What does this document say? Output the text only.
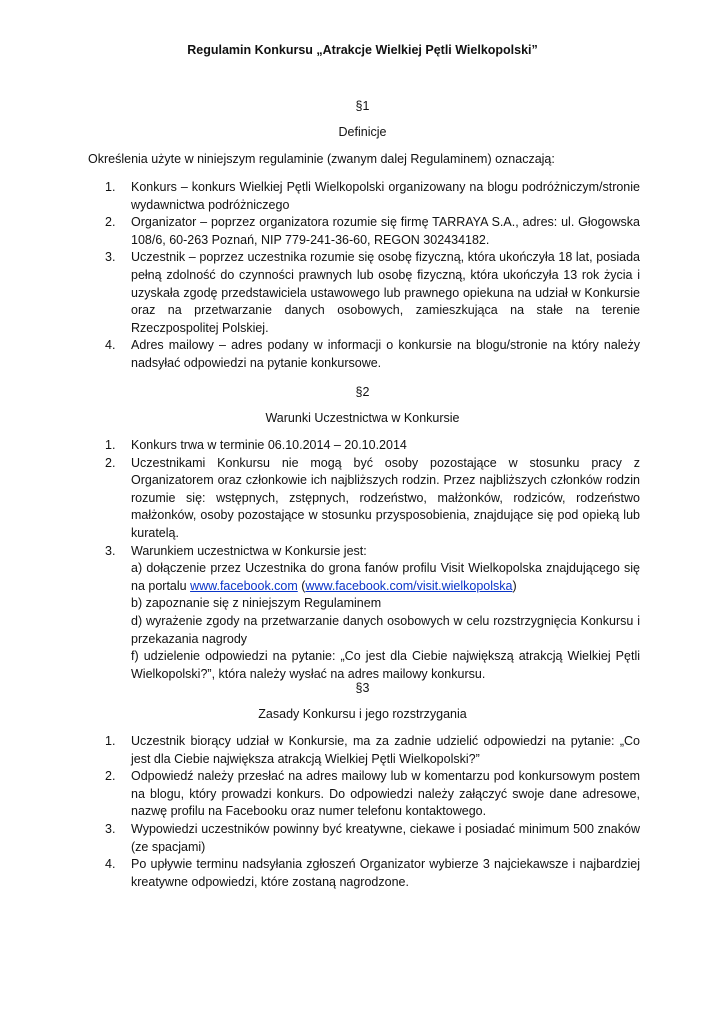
Regulamin Konkursu „Atrakcje Wielkiej Pętli Wielkopolski”
§1
Definicje
Określenia użyte w niniejszym regulaminie (zwanym dalej Regulaminem) oznaczają:
1. Konkurs – konkurs Wielkiej Pętli Wielkopolski organizowany na blogu podróżniczym/stronie wydawnictwa podróżniczego
2. Organizator – poprzez organizatora rozumie się firmę TARRAYA S.A., adres: ul. Głogowska 108/6, 60-263 Poznań, NIP 779-241-36-60, REGON 302434182.
3. Uczestnik – poprzez uczestnika rozumie się osobę fizyczną, która ukończyła 18 lat, posiada pełną zdolność do czynności prawnych lub osobę fizyczną, która ukończyła 13 rok życia i uzyskała zgodę przedstawiciela ustawowego lub prawnego opiekuna na udział w Konkursie oraz na przetwarzanie danych osobowych, zamieszkująca na stałe na terenie Rzeczpospolitej Polskiej.
4. Adres mailowy – adres podany w informacji o konkursie na blogu/stronie na który należy nadsyłać odpowiedzi na pytanie konkursowe.
§2
Warunki Uczestnictwa w Konkursie
1. Konkurs trwa w terminie 06.10.2014 – 20.10.2014
2. Uczestnikami Konkursu nie mogą być osoby pozostające w stosunku pracy z Organizatorem oraz członkowie ich najbliższych rodzin. Przez najbliższych członków rodzin rozumie się: wstępnych, zstępnych, rodzeństwo, małżonków, rodziców, rodzeństwo małżonków, osoby pozostające w stosunku przysposobienia, znajdujące się pod opieką lub kuratelą.
3. Warunkiem uczestnictwa w Konkursie jest:
a) dołączenie przez Uczestnika do grona fanów profilu Visit Wielkopolska znajdującego się na portalu www.facebook.com (www.facebook.com/visit.wielkopolska)
b) zapoznanie się z niniejszym Regulaminem
d) wyrażenie zgody na przetwarzanie danych osobowych w celu rozstrzygnięcia Konkursu i przekazania nagrody
f) udzielenie odpowiedzi na pytanie: „Co jest dla Ciebie największą atrakcją Wielkiej Pętli Wielkopolski?”, która należy wysłać na adres mailowy konkursu.
§3
Zasady Konkursu i jego rozstrzygania
1. Uczestnik biorący udział w Konkursie, ma za zadnie udzielić odpowiedzi na pytanie: „Co jest dla Ciebie największa atrakcją Wielkiej Pętli Wielkopolski?”
2. Odpowiedź należy przesłać na adres mailowy lub w komentarzu pod konkursowym postem na blogu, który prowadzi konkurs. Do odpowiedzi należy załączyć swoje dane adresowe, nazwę profilu na Facebooku oraz numer telefonu kontaktowego.
3. Wypowiedzi uczestników powinny być kreatywne, ciekawe i posiadać minimum 500 znaków (ze spacjami)
4. Po upływie terminu nadsyłania zgłoszeń Organizator wybierze 3 najciekawsze i najbardziej kreatywne odpowiedzi, które zostaną nagrodzone.
